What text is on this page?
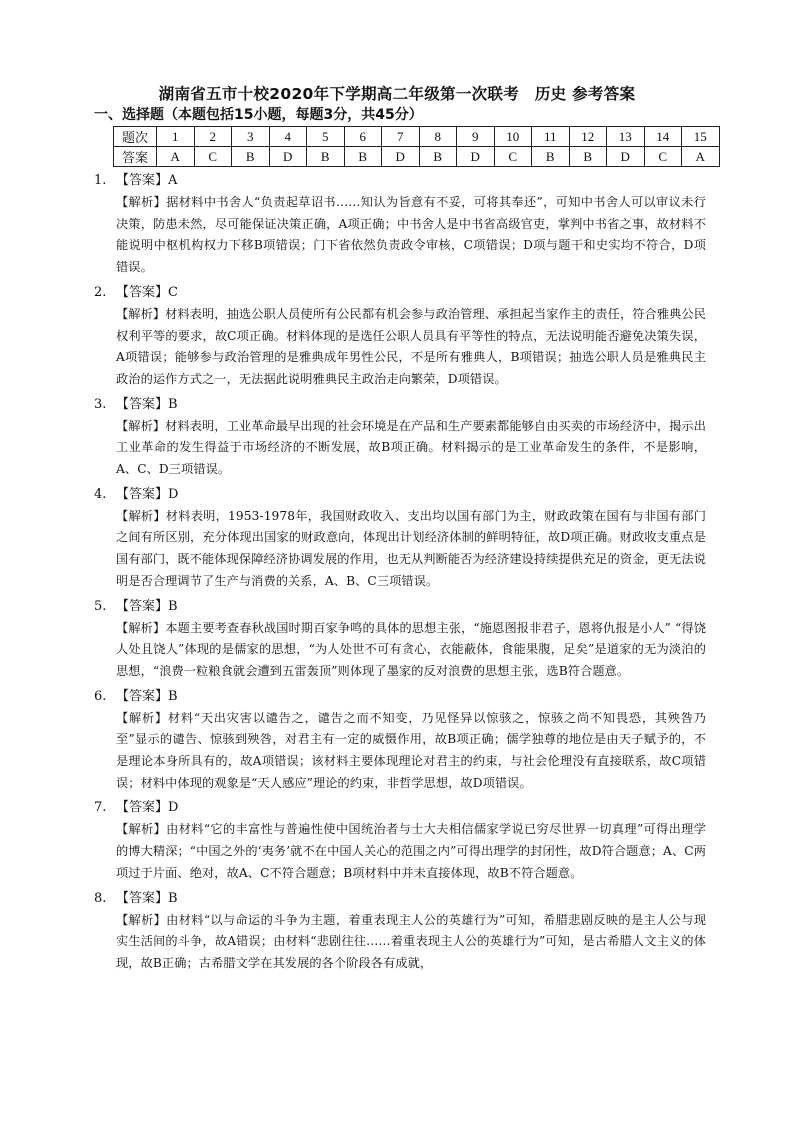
湖南省五市十校2020年下学期高二年级第一次联考　历史 参考答案
一、选择题（本题包括15小题，每题3分，共45分）
题次	1	2	3	4	5	6	7	8	9	10	11	12	13	14	15
答案	A	C	B	D	B	B	D	B	D	C	B	B	D	C	A
1. 【答案】A
【解析】据材料中书舍人“负责起草诏书……知认为旨意有不妥，可将其奉还”，可知中书舍人可以审议未行决策，防患未然，尽可能保证决策正确，A项正确；中书舍人是中书省高级官吏，掌判中书省之事，故材料不能说明中枢机构权力下移B项错误；门下省依然负责政令审核，C项错误；D项与题干和史实均不符合，D项错误。
2. 【答案】C
【解析】材料表明，抽选公职人员使所有公民都有机会参与政治管理、承担起当家作主的责任，符合雅典公民权利平等的要求，故C项正确。材料体现的是选任公职人员具有平等性的特点，无法说明能否避免决策失误，A项错误；能够参与政治管理的是雅典成年男性公民，不是所有雅典人，B项错误；抽选公职人员是雅典民主政治的运作方式之一，无法据此说明雅典民主政治走向繁荣，D项错误。
3. 【答案】B
【解析】材料表明，工业革命最早出现的社会环境是在产品和生产要素都能够自由买卖的市场经济中，揭示出工业革命的发生得益于市场经济的不断发展，故B项正确。材料揭示的是工业革命发生的条件，不是影响，A、C、D三项错误。
4. 【答案】D
【解析】材料表明，1953-1978年，我国财政收入、支出均以国有部门为主，财政政策在国有与非国有部门之间有所区别，充分体现出国家的财政意向，体现出计划经济体制的鲜明特征，故D项正确。财政收支重点是国有部门，既不能体现保障经济协调发展的作用，也无从判断能否为经济建设持续提供充足的资金，更无法说明是否合理调节了生产与消费的关系，A、B、C三项错误。
5. 【答案】B
【解析】本题主要考查春秋战国时期百家争鸣的具体的思想主张，“施恩图报非君子，恩将仇报是小人” “得饶人处且饶人”体现的是儒家的思想，“为人处世不可有贪心，衣能蔽体，食能果腹，足矣”是道家的无为淡泊的思想，“浪费一粒粮食就会遭到五雷轰顶”则体现了墨家的反对浪费的思想主张，选B符合题意。
6. 【答案】B
【解析】材料“天出灾害以谴告之，谴告之而不知变，乃见怪异以惊骇之，惊骇之尚不知畏恐，其殃咎乃至”显示的谴告、惊骇到殃咎，对君主有一定的威慑作用，故B项正确；儒学独尊的地位是由天子赋予的，不是理论本身所具有的，故A项错误；该材料主要体现理论对君主的约束，与社会伦理没有直接联系，故C项错误；材料中体现的观象是“天人感应”理论的约束，非哲学思想，故D项错误。
7. 【答案】D
【解析】由材料“它的丰富性与普遍性使中国统治者与士大夫相信儒家学说已穷尽世界一切真理”可得出理学的博大精深；“中国之外的‘夷务’就不在中国人关心的范围之内”可得出理学的封闭性，故D符合题意；A、C两项过于片面、绝对，故A、C不符合题意；B项材料中并未直接体现，故B不符合题意。
8. 【答案】B
【解析】由材料“以与命运的斗争为主题，着重表现主人公的英雄行为”可知，希腊悲剧反映的是主人公与现实生活间的斗争，故A错误；由材料“悲剧往往……着重表现主人公的英雄行为”可知，是古希腊人文主义的体现，故B正确；古希腊文学在其发展的各个阶段各有成就，
